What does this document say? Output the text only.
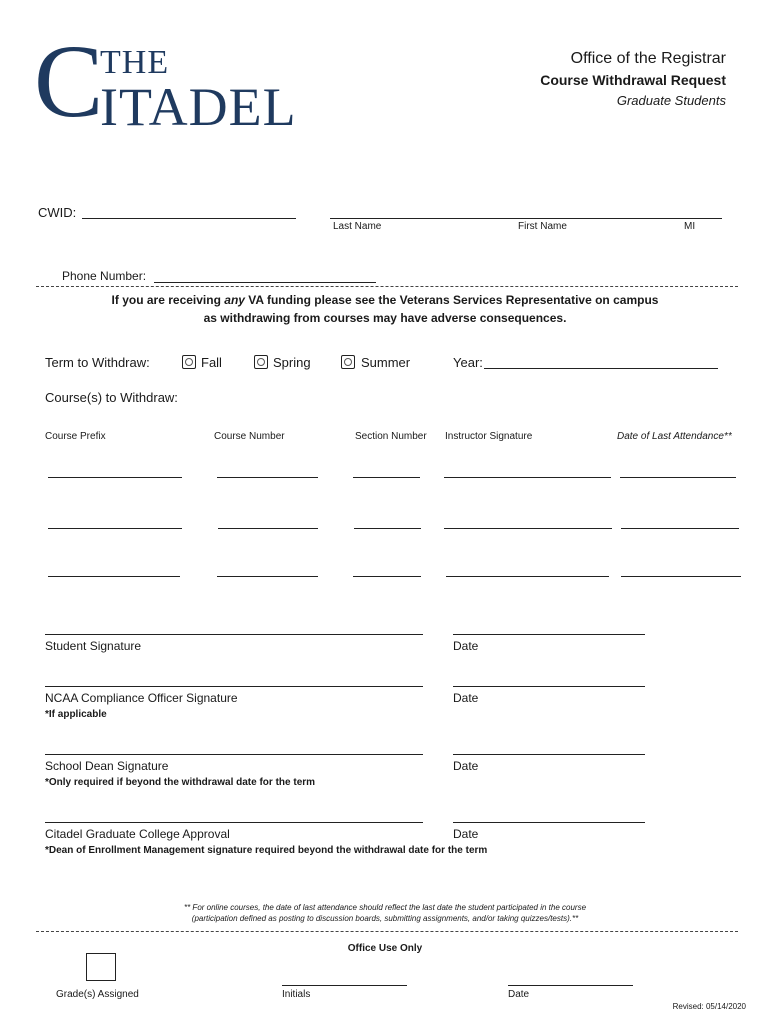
C
THE
ITADEL
Office of the Registrar
Course Withdrawal Request
Graduate Students
CWID:
Last Name	First Name	MI
Phone Number:
If you are receiving any VA funding please see the Veterans Services Representative on campus
as withdrawing from courses may have adverse consequences.
Term to Withdraw:	Fall	Spring	Summer	Year:
Course(s) to Withdraw:
Course Prefix	Course Number	Section Number Instructor Signature	Date of Last Attendance**
Student Signature	Date
NCAA Compliance Officer Signature	Date
*If applicable
School Dean Signature	Date
*Only required if beyond the withdrawal date for the term
Citadel Graduate College Approval	Date
*Dean of Enrollment Management signature required beyond the withdrawal date for the term
** For online courses, the date of last attendance should reflect the last date the student participated in the course
(participation defined as posting to discussion boards, submitting assignments, and/or taking quizzes/tests).**
Office Use Only
Grade(s) Assigned	Initials	Date
Revised: 05/14/2020
